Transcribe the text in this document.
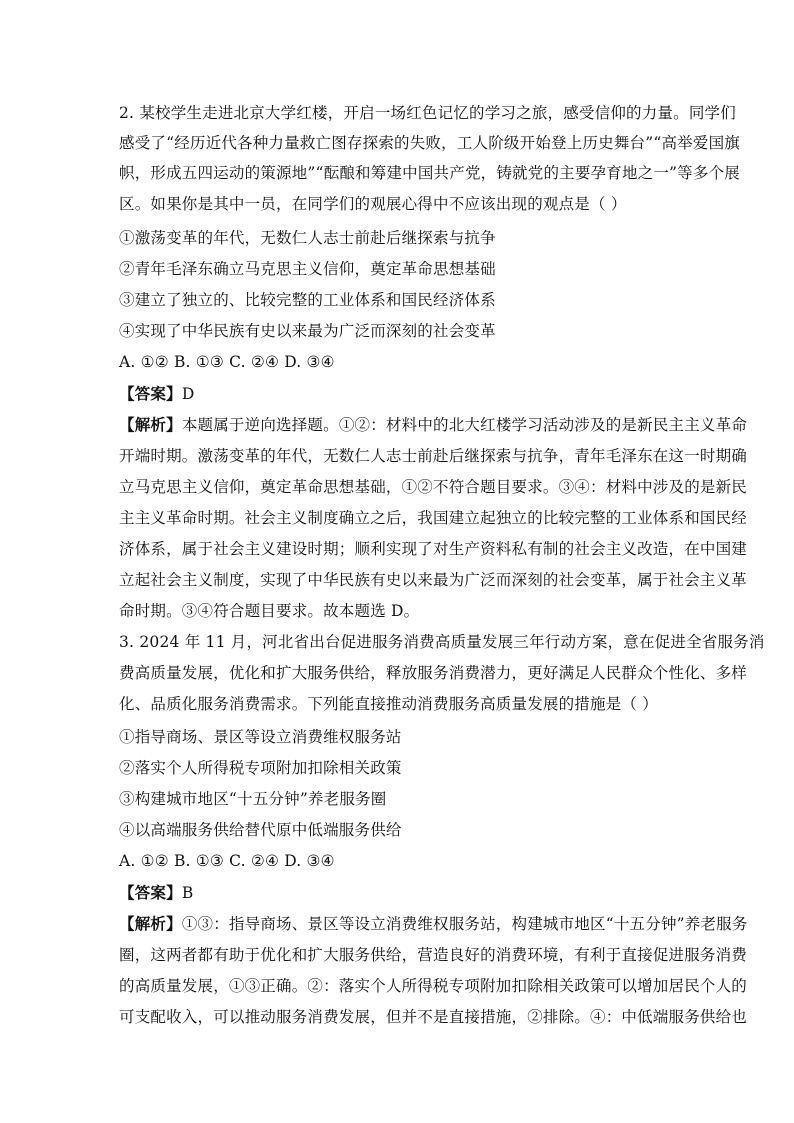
2. 某校学生走进北京大学红楼，开启一场红色记忆的学习之旅，感受信仰的力量。同学们
感受了“经历近代各种力量救亡图存探索的失败，工人阶级开始登上历史舞台”“高举爱国旗
帜，形成五四运动的策源地”“酝酿和筹建中国共产党，铸就党的主要孕育地之一”等多个展
区。如果你是其中一员，在同学们的观展心得中不应该出现的观点是（ ）
①激荡变革的年代，无数仁人志士前赴后继探索与抗争
②青年毛泽东确立马克思主义信仰，奠定革命思想基础
③建立了独立的、比较完整的工业体系和国民经济体系
④实现了中华民族有史以来最为广泛而深刻的社会变革
A. ①② B. ①③ C. ②④ D. ③④
【答案】D
【解析】本题属于逆向选择题。①②：材料中的北大红楼学习活动涉及的是新民主主义革命
开端时期。激荡变革的年代，无数仁人志士前赴后继探索与抗争，青年毛泽东在这一时期确
立马克思主义信仰，奠定革命思想基础，①②不符合题目要求。③④：材料中涉及的是新民
主主义革命时期。社会主义制度确立之后，我国建立起独立的比较完整的工业体系和国民经
济体系，属于社会主义建设时期；顺利实现了对生产资料私有制的社会主义改造，在中国建
立起社会主义制度，实现了中华民族有史以来最为广泛而深刻的社会变革，属于社会主义革
命时期。③④符合题目要求。故本题选 D。
3. 2024 年 11 月，河北省出台促进服务消费高质量发展三年行动方案，意在促进全省服务消
费高质量发展，优化和扩大服务供给，释放服务消费潜力，更好满足人民群众个性化、多样
化、品质化服务消费需求。下列能直接推动消费服务高质量发展的措施是（ ）
①指导商场、景区等设立消费维权服务站
②落实个人所得税专项附加扣除相关政策
③构建城市地区“十五分钟”养老服务圈
④以高端服务供给替代原中低端服务供给
A. ①② B. ①③ C. ②④ D. ③④
【答案】B
【解析】①③：指导商场、景区等设立消费维权服务站，构建城市地区“十五分钟”养老服务
圈，这两者都有助于优化和扩大服务供给，营造良好的消费环境，有利于直接促进服务消费
的高质量发展，①③正确。②：落实个人所得税专项附加扣除相关政策可以增加居民个人的
可支配收入，可以推动服务消费发展，但并不是直接措施，②排除。④：中低端服务供给也
